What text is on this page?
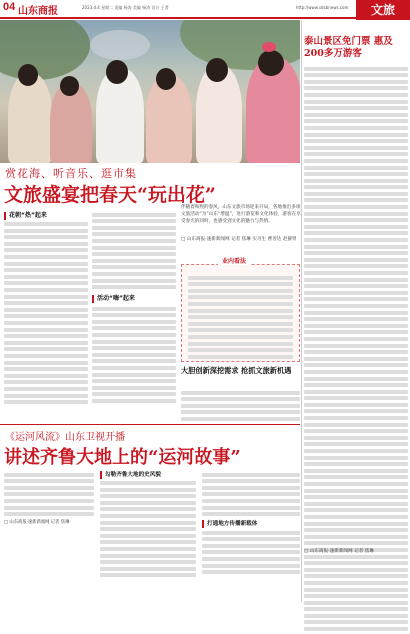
04 山东商报	2023.4.4 星期二 责编 杨涛 美编 杨涛 设计 王菁	http://www.sdsbnews.com	文旅
赏花海、听音乐、逛市集
文旅盛宴把春天“玩出花”
伴随着和煦的春风，山东文旅市场迎来开局，各地推出多项文旅活动“为”山东“增温”，进行游览和文化体验，游客在享受春光的同时，也感受到文化的魅力与热情。
□ 山东商报·速新新闻网 记者 焦琳 实习生 曹善达 赵静贤
花朝“热”起来
活动“嗨”起来
业内看法
大胆创新深挖需求 抢抓文旅新机遇
泰山景区免门票 惠及200多万游客
□ 山东商报·速新新闻网 记者 焦琳
《运河风流》山东卫视开播
讲述齐鲁大地上的“运河故事”
□ 山东商报·速新新闻网 记者 焦琳
勾勒齐鲁大地的史风貌
打通地方传播新载体
